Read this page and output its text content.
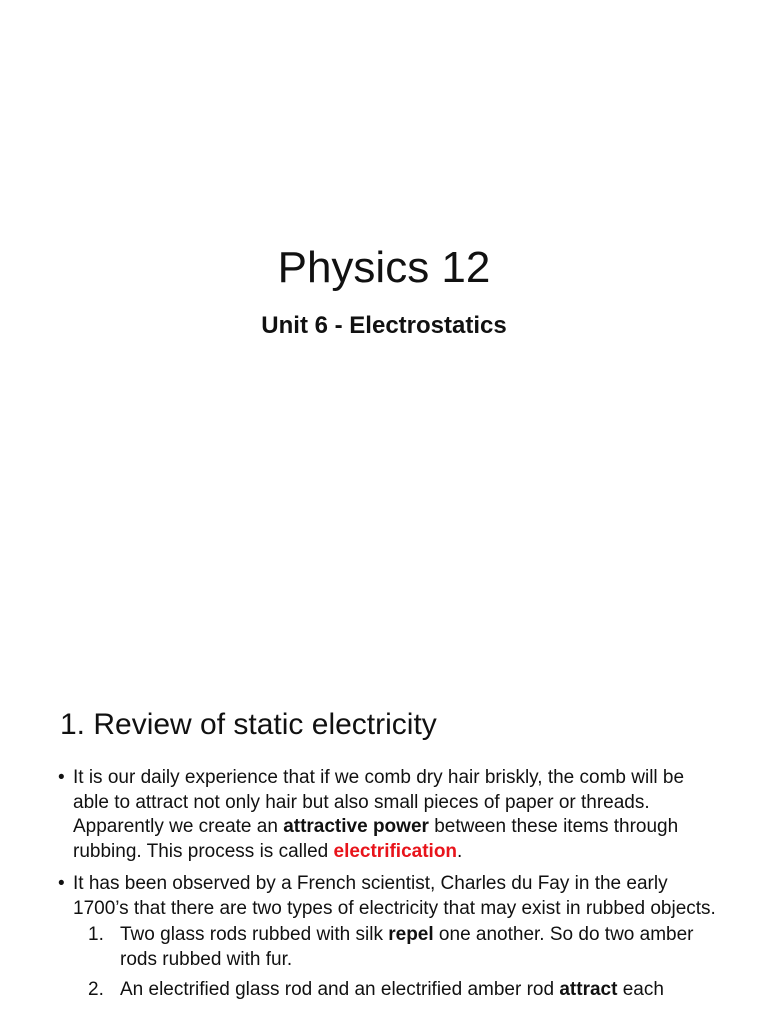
Physics 12
Unit 6 - Electrostatics
1. Review of static electricity
• It is our daily experience that if we comb dry hair briskly, the comb will be able to attract not only hair but also small pieces of paper or threads. Apparently we create an attractive power between these items through rubbing. This process is called electrification.
• It has been observed by a French scientist, Charles du Fay in the early 1700’s that there are two types of electricity that may exist in rubbed objects.
1. Two glass rods rubbed with silk repel one another. So do two amber rods rubbed with fur.
2. An electrified glass rod and an electrified amber rod attract each
